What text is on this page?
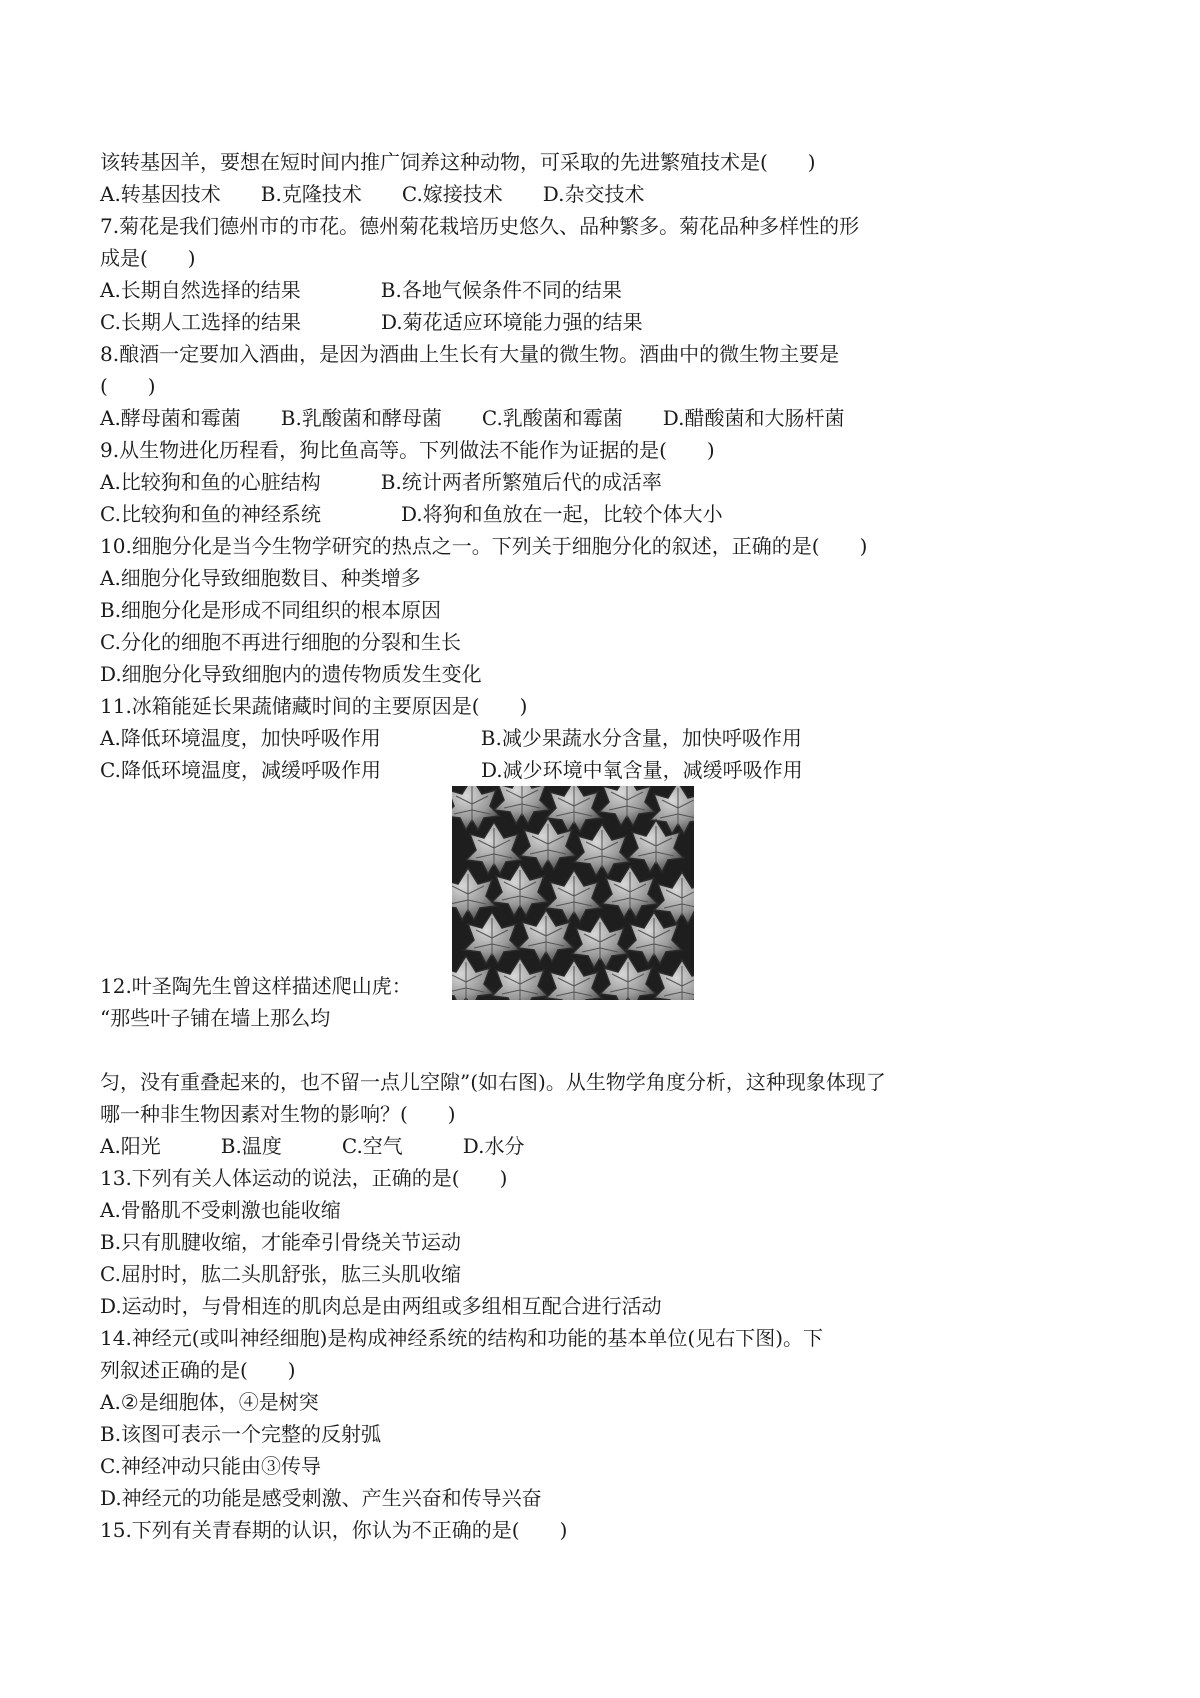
该转基因羊，要想在短时间内推广饲养这种动物，可采取的先进繁殖技术是(　　)
A.转基因技术　　B.克隆技术　　C.嫁接技术　　D.杂交技术
7.菊花是我们德州市的市花。德州菊花栽培历史悠久、品种繁多。菊花品种多样性的形
成是(　　)
A.长期自然选择的结果　　　　B.各地气候条件不同的结果
C.长期人工选择的结果　　　　D.菊花适应环境能力强的结果
8.酿酒一定要加入酒曲，是因为酒曲上生长有大量的微生物。酒曲中的微生物主要是
(　　)
A.酵母菌和霉菌　　B.乳酸菌和酵母菌　　C.乳酸菌和霉菌　　D.醋酸菌和大肠杆菌
9.从生物进化历程看，狗比鱼高等。下列做法不能作为证据的是(　　)
A.比较狗和鱼的心脏结构　　　B.统计两者所繁殖后代的成活率
C.比较狗和鱼的神经系统　　　　D.将狗和鱼放在一起，比较个体大小
10.细胞分化是当今生物学研究的热点之一。下列关于细胞分化的叙述，正确的是(　　)
A.细胞分化导致细胞数目、种类增多
B.细胞分化是形成不同组织的根本原因
C.分化的细胞不再进行细胞的分裂和生长
D.细胞分化导致细胞内的遗传物质发生变化
11.冰箱能延长果蔬储藏时间的主要原因是(　　)
A.降低环境温度，加快呼吸作用　　　　　B.减少果蔬水分含量，加快呼吸作用
C.降低环境温度，减缓呼吸作用　　　　　D.减少环境中氧含量，减缓呼吸作用
12.叶圣陶先生曾这样描述爬山虎：
“那些叶子铺在墙上那么均
匀，没有重叠起来的，也不留一点儿空隙”(如右图)。从生物学角度分析，这种现象体现了
哪一种非生物因素对生物的影响？(　　)
A.阳光　　　B.温度　　　C.空气　　　D.水分
13.下列有关人体运动的说法，正确的是(　　)
A.骨骼肌不受刺激也能收缩
B.只有肌腱收缩，才能牵引骨绕关节运动
C.屈肘时，肱二头肌舒张，肱三头肌收缩
D.运动时，与骨相连的肌肉总是由两组或多组相互配合进行活动
14.神经元(或叫神经细胞)是构成神经系统的结构和功能的基本单位(见右下图)。下
列叙述正确的是(　　)
A.②是细胞体，④是树突
B.该图可表示一个完整的反射弧
C.神经冲动只能由③传导
D.神经元的功能是感受刺激、产生兴奋和传导兴奋
15.下列有关青春期的认识，你认为不正确的是(　　)
